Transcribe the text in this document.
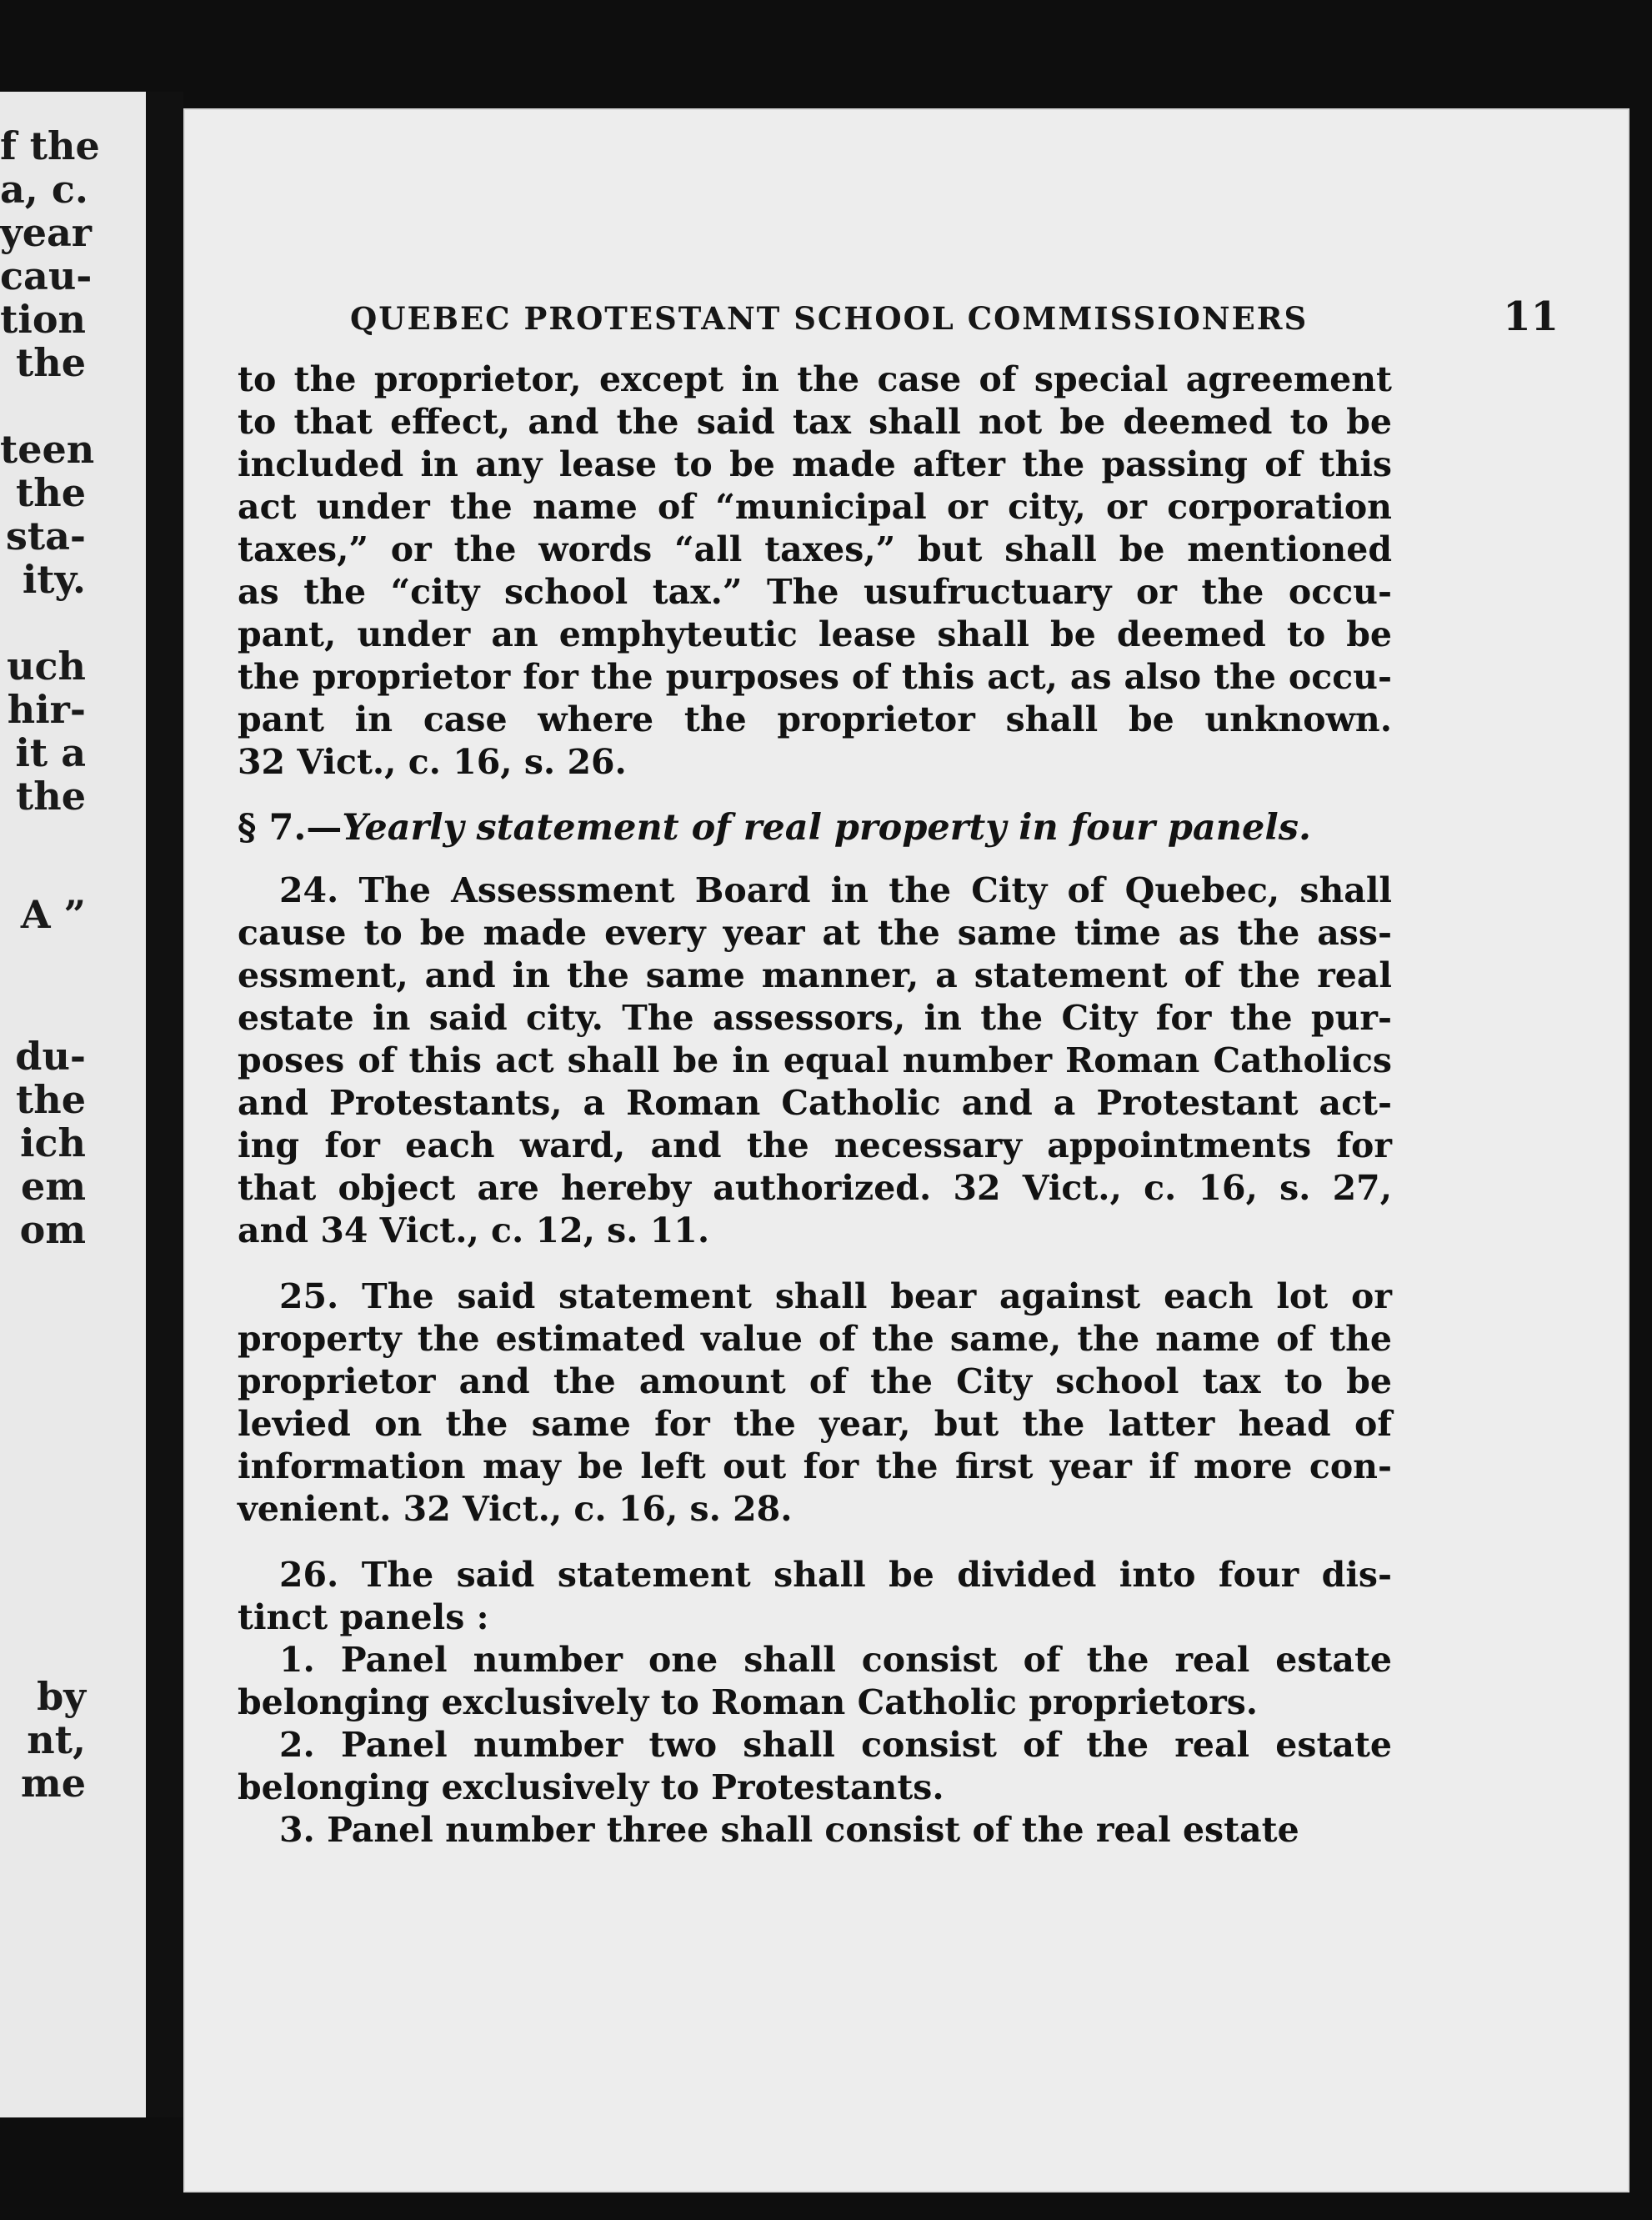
f the
a, c.
year
cau-
tion
the
teen
the
sta-
ity.
uch
hir-
it a
the
A ”
du-
the
ich
em
om
by
nt,
me
QUEBEC PROTESTANT SCHOOL COMMISSIONERS	11
to the proprietor, except in the case of special agreement
to that effect, and the said tax shall not be deemed to be
included in any lease to be made after the passing of this
act under the name of “municipal or city, or corporation
taxes,” or the words “all taxes,” but shall be mentioned
as the “city school tax.” The usufructuary or the occu-
pant, under an emphyteutic lease shall be deemed to be
the proprietor for the purposes of this act, as also the occu-
pant in case where the proprietor shall be unknown.
32 Vict., c. 16, s. 26.
§ 7.—Yearly statement of real property in four panels.
24. The Assessment Board in the City of Quebec, shall
cause to be made every year at the same time as the ass-
essment, and in the same manner, a statement of the real
estate in said city. The assessors, in the City for the pur-
poses of this act shall be in equal number Roman Catholics
and Protestants, a Roman Catholic and a Protestant act-
ing for each ward, and the necessary appointments for
that object are hereby authorized. 32 Vict., c. 16, s. 27,
and 34 Vict., c. 12, s. 11.
25. The said statement shall bear against each lot or
property the estimated value of the same, the name of the
proprietor and the amount of the City school tax to be
levied on the same for the year, but the latter head of
information may be left out for the first year if more con-
venient. 32 Vict., c. 16, s. 28.
26. The said statement shall be divided into four dis-
tinct panels :
1. Panel number one shall consist of the real estate
belonging exclusively to Roman Catholic proprietors.
2. Panel number two shall consist of the real estate
belonging exclusively to Protestants.
3. Panel number three shall consist of the real estate
